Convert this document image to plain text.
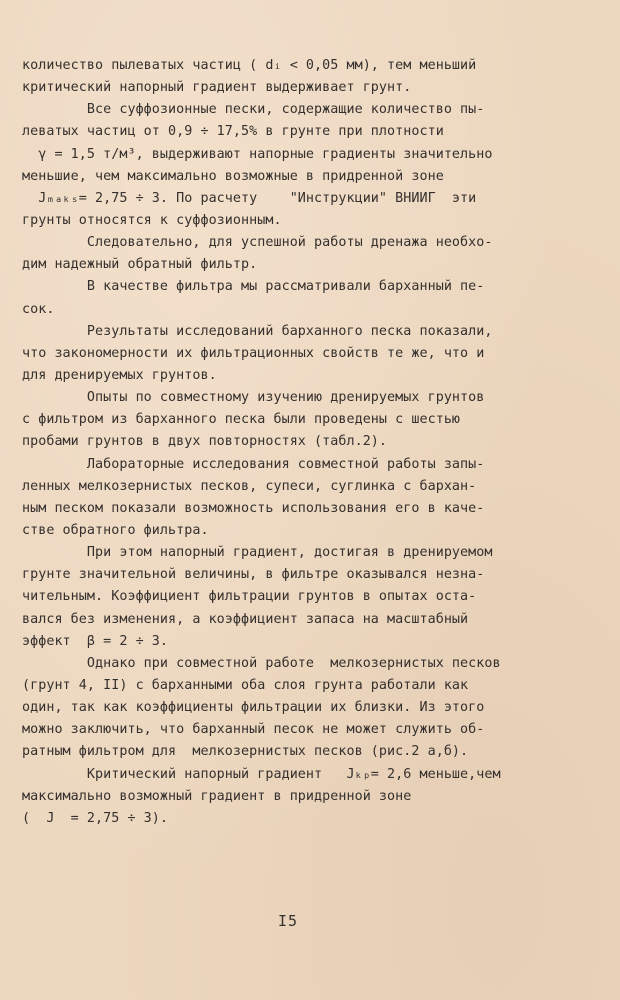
количество пылеватых частиц ( dᵢ < 0,05 мм), тем меньший
критический напорный градиент выдерживает грунт.
Все суффозионные пески, содержащие количество пы-
леватых частиц от 0,9 ÷ 17,5% в грунте при плотности
γ = 1,5 т/м³, выдерживают напорные градиенты значительно
меньшие, чем максимально возможные в придренной зоне
Jₘₐₖₛ= 2,75 ÷ 3. По расчету    "Инструкции" ВНИИГ  эти
грунты относятся к суффозионным.
Следовательно, для успешной работы дренажа необхо-
дим надежный обратный фильтр.
В качестве фильтра мы рассматривали барханный пе-
сок.
Результаты исследований барханного песка показали,
что закономерности их фильтрационных свойств те же, что и
для дренируемых грунтов.
Опыты по совместному изучению дренируемых грунтов
с фильтром из барханного песка были проведены с шестью
пробами грунтов в двух повторностях (табл.2).
Лабораторные исследования совместной работы запы-
ленных мелкозернистых песков, супеси, суглинка с бархан-
ным песком показали возможность использования его в каче-
стве обратного фильтра.
При этом напорный градиент, достигая в дренируемом
грунте значительной величины, в фильтре оказывался незна-
чительным. Коэффициент фильтрации грунтов в опытах оста-
вался без изменения, а коэффициент запаса на масштабный
эффект  β = 2 ÷ 3.
Однако при совместной работе  мелкозернистых песков
(грунт 4, II) с барханными оба слоя грунта работали как
один, так как коэффициенты фильтрации их близки. Из этого
можно заключить, что барханный песок не может служить об-
ратным фильтром для  мелкозернистых песков (рис.2 а,б).
Критический напорный градиент   Jₖₚ= 2,6 меньше,чем
максимально возможный градиент в придренной зоне
(  J  = 2,75 ÷ 3).
I5
